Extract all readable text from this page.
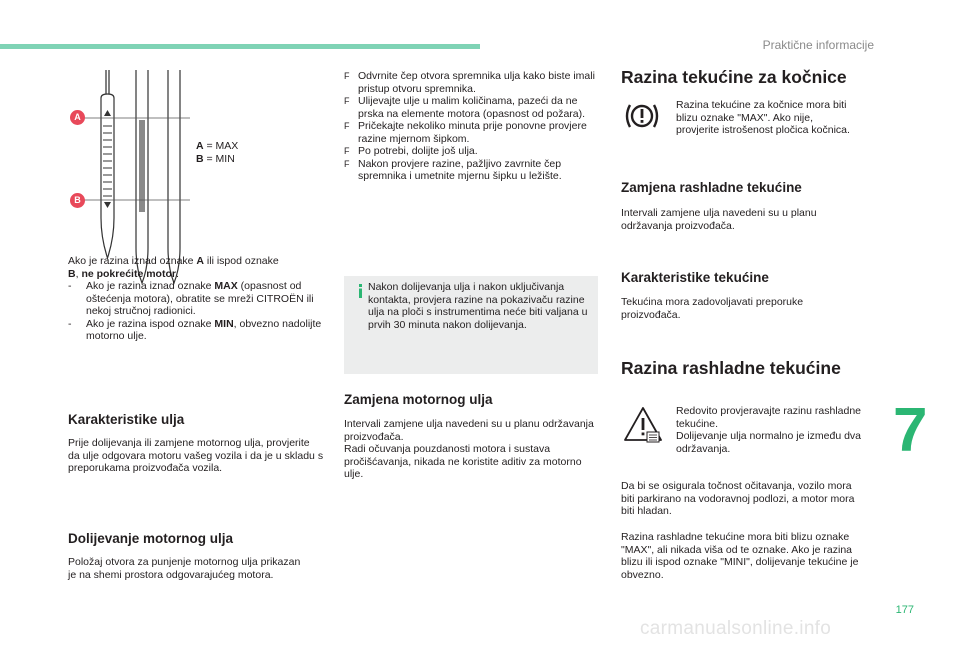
Praktične informacije
A
B
A = MAX
B = MIN
Ako je razina iznad oznake A ili ispod oznake
B, ne pokrećite motor.
- Ako je razina iznad oznake MAX (opasnost od oštećenja motora), obratite se mreži CITROËN ili nekoj stručnoj radionici.
- Ako je razina ispod oznake MIN, obvezno nadolijte motorno ulje.
Karakteristike ulja
Prije dolijevanja ili zamjene motornog ulja, provjerite da ulje odgovara motoru vašeg vozila i da je u skladu s preporukama proizvođača vozila.
Dolijevanje motornog ulja
Položaj otvora za punjenje motornog ulja prikazan je na shemi prostora odgovarajućeg motora.
F Odvrnite čep otvora spremnika ulja kako biste imali pristup otvoru spremnika.
F Ulijevajte ulje u malim količinama, pazeći da ne prska na elemente motora (opasnost od požara).
F Pričekajte nekoliko minuta prije ponovne provjere razine mjernom šipkom.
F Po potrebi, dolijte još ulja.
F Nakon provjere razine, pažljivo zavrnite čep spremnika i umetnite mjernu šipku u ležište.
Nakon dolijevanja ulja i nakon uključivanja kontakta, provjera razine na pokazivaču razine ulja na ploči s instrumentima neće biti valjana u prvih 30 minuta nakon dolijevanja.
Zamjena motornog ulja
Intervali zamjene ulja navedeni su u planu održavanja proizvođača.
Radi očuvanja pouzdanosti motora i sustava pročišćavanja, nikada ne koristite aditiv za motorno ulje.
Razina tekućine za kočnice
Razina tekućine za kočnice mora biti blizu oznake "MAX". Ako nije, provjerite istrošenost pločica kočnica.
Zamjena rashladne tekućine
Intervali zamjene ulja navedeni su u planu održavanja proizvođača.
Karakteristike tekućine
Tekućina mora zadovoljavati preporuke proizvođača.
Razina rashladne tekućine
Redovito provjeravajte razinu rashladne tekućine.
Dolijevanje ulja normalno je između dva održavanja.
Da bi se osigurala točnost očitavanja, vozilo mora biti parkirano na vodoravnoj podlozi, a motor mora biti hladan.
Razina rashladne tekućine mora biti blizu oznake "MAX", ali nikada viša od te oznake. Ako je razina blizu ili ispod oznake "MINI", dolijevanje tekućine je obvezno.
7
177
carmanualsonline.info
